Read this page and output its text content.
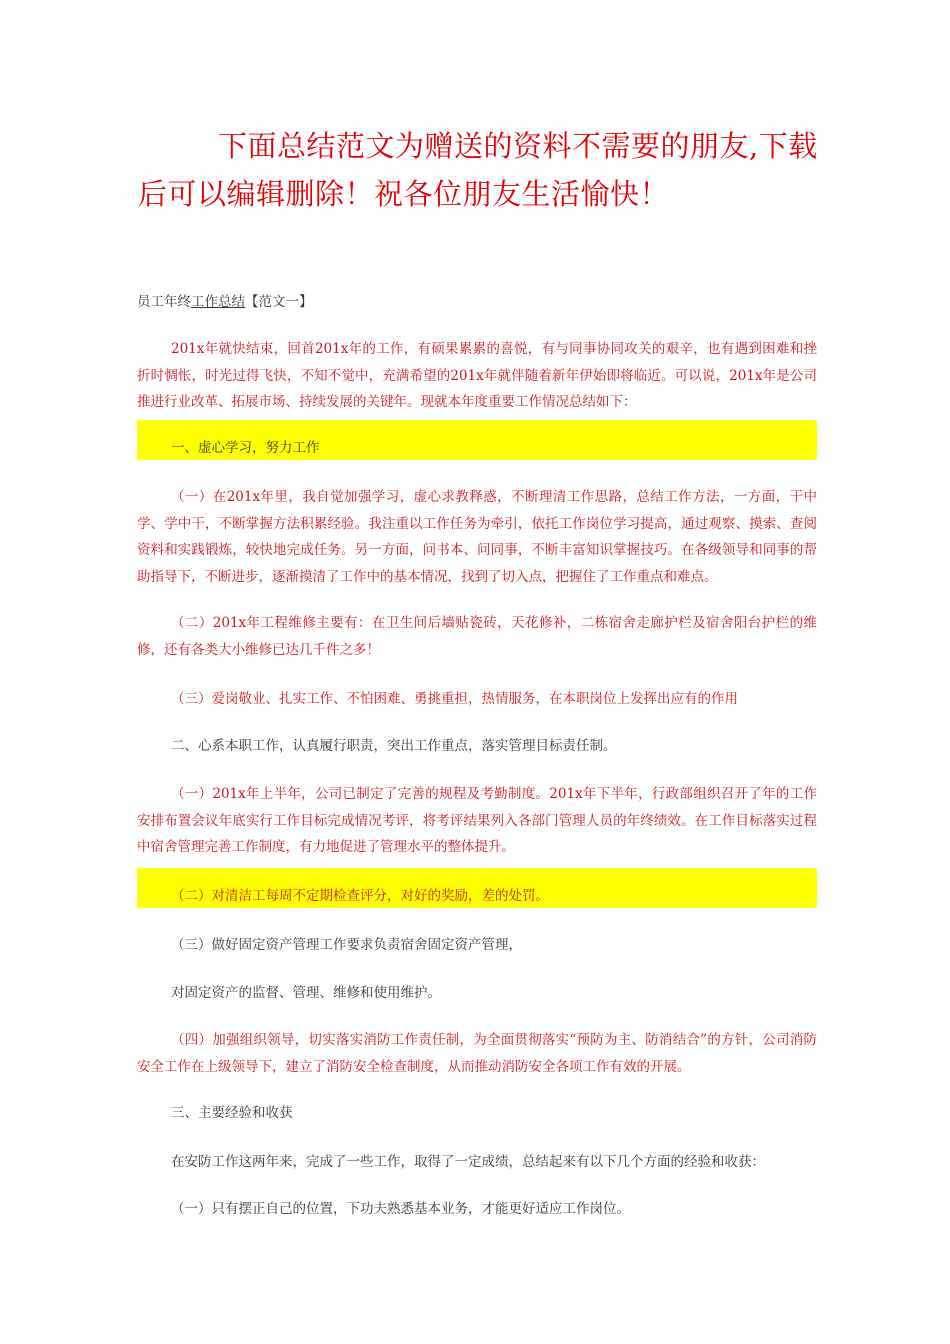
下面总结范文为赠送的资料不需要的朋友,下载后可以编辑删除！祝各位朋友生活愉快！
员工年终工作总结【范文一】
201x年就快结束，回首201x年的工作，有硕果累累的喜悦，有与同事协同攻关的艰辛，也有遇到困难和挫折时惆怅，时光过得飞快，不知不觉中，充满希望的201x年就伴随着新年伊始即将临近。可以说，201x年是公司推进行业改革、拓展市场、持续发展的关键年。现就本年度重要工作情况总结如下：
一、虚心学习，努力工作
（一）在201x年里，我自觉加强学习，虚心求教释惑，不断理清工作思路，总结工作方法，一方面，干中学、学中干，不断掌握方法积累经验。我注重以工作任务为牵引，依托工作岗位学习提高，通过观察、摸索、查阅资料和实践锻炼，较快地完成任务。另一方面，问书本、问同事，不断丰富知识掌握技巧。在各级领导和同事的帮助指导下，不断进步，逐渐摸清了工作中的基本情况，找到了切入点，把握住了工作重点和难点。
（二）201x年工程维修主要有：在卫生间后墙贴瓷砖，天花修补，二栋宿舍走廊护栏及宿舍阳台护栏的维修，还有各类大小维修已达几千件之多！
（三）爱岗敬业、扎实工作、不怕困难、勇挑重担，热情服务，在本职岗位上发挥出应有的作用
二、心系本职工作，认真履行职责，突出工作重点，落实管理目标责任制。
（一）201x年上半年，公司已制定了完善的规程及考勤制度。201x年下半年，行政部组织召开了年的工作安排布置会议年底实行工作目标完成情况考评，将考评结果列入各部门管理人员的年终绩效。在工作目标落实过程中宿舍管理完善工作制度，有力地促进了管理水平的整体提升。
（二）对清洁工每周不定期检查评分，对好的奖励，差的处罚。
（三）做好固定资产管理工作要求负责宿舍固定资产管理，
对固定资产的监督、管理、维修和使用维护。
（四）加强组织领导，切实落实消防工作责任制，为全面贯彻落实“预防为主、防消结合”的方针，公司消防安全工作在上级领导下，建立了消防安全检查制度，从而推动消防安全各项工作有效的开展。
三、主要经验和收获
在安防工作这两年来，完成了一些工作，取得了一定成绩，总结起来有以下几个方面的经验和收获：
（一）只有摆正自己的位置，下功夫熟悉基本业务，才能更好适应工作岗位。
